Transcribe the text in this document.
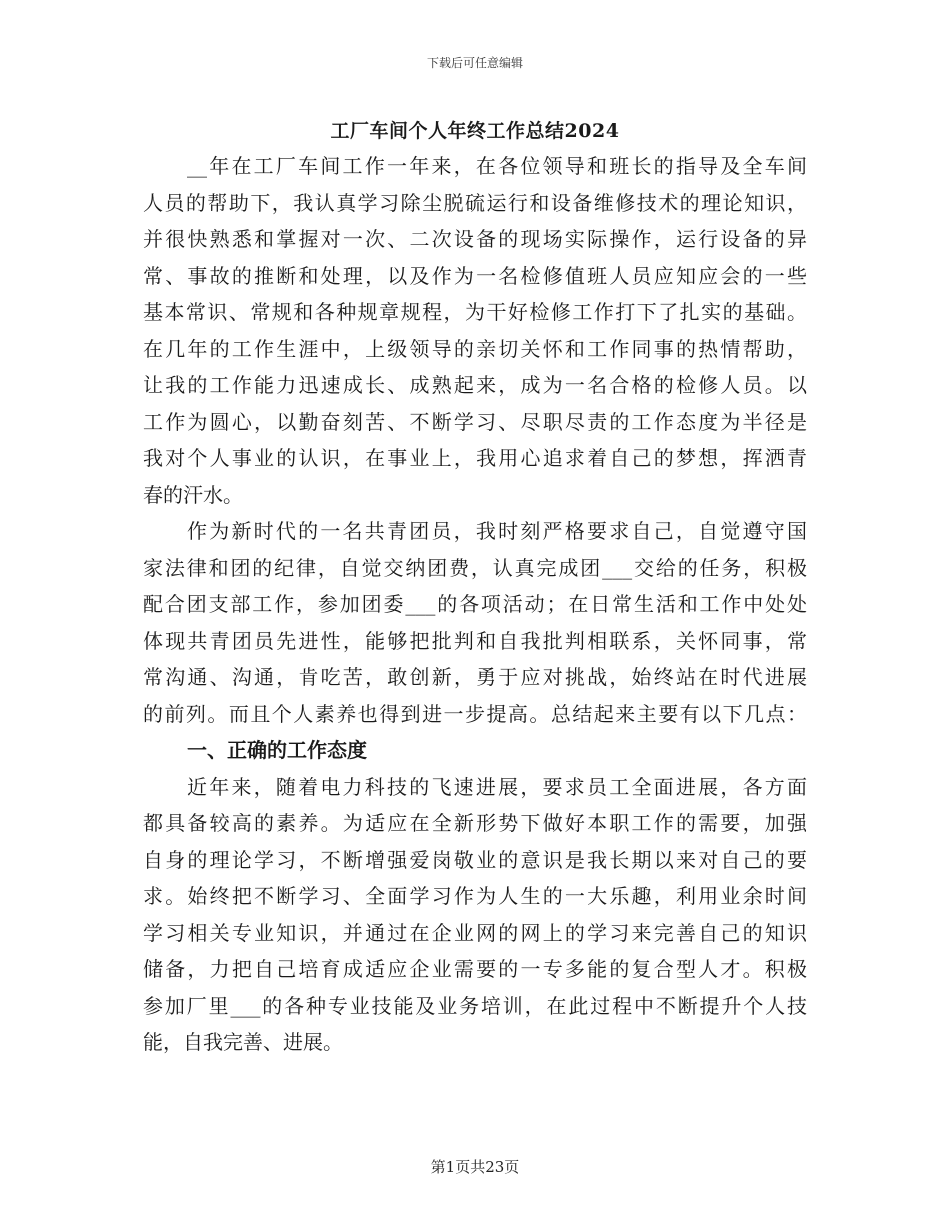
下载后可任意编辑
工厂车间个人年终工作总结2024
__年在工厂车间工作一年来，在各位领导和班长的指导及全车间
人员的帮助下，我认真学习除尘脱硫运行和设备维修技术的理论知识，
并很快熟悉和掌握对一次、二次设备的现场实际操作，运行设备的异
常、事故的推断和处理，以及作为一名检修值班人员应知应会的一些
基本常识、常规和各种规章规程，为干好检修工作打下了扎实的基础。
在几年的工作生涯中，上级领导的亲切关怀和工作同事的热情帮助，
让我的工作能力迅速成长、成熟起来，成为一名合格的检修人员。以
工作为圆心，以勤奋刻苦、不断学习、尽职尽责的工作态度为半径是
我对个人事业的认识，在事业上，我用心追求着自己的梦想，挥洒青
春的汗水。
作为新时代的一名共青团员，我时刻严格要求自己，自觉遵守国
家法律和团的纪律，自觉交纳团费，认真完成团___交给的任务，积极
配合团支部工作，参加团委___的各项活动；在日常生活和工作中处处
体现共青团员先进性，能够把批判和自我批判相联系，关怀同事，常
常沟通、沟通，肯吃苦，敢创新，勇于应对挑战，始终站在时代进展
的前列。而且个人素养也得到进一步提高。总结起来主要有以下几点：
一、正确的工作态度
近年来，随着电力科技的飞速进展，要求员工全面进展，各方面
都具备较高的素养。为适应在全新形势下做好本职工作的需要，加强
自身的理论学习，不断增强爱岗敬业的意识是我长期以来对自己的要
求。始终把不断学习、全面学习作为人生的一大乐趣，利用业余时间
学习相关专业知识，并通过在企业网的网上的学习来完善自己的知识
储备，力把自己培育成适应企业需要的一专多能的复合型人才。积极
参加厂里___的各种专业技能及业务培训，在此过程中不断提升个人技
能，自我完善、进展。
第1页共23页
